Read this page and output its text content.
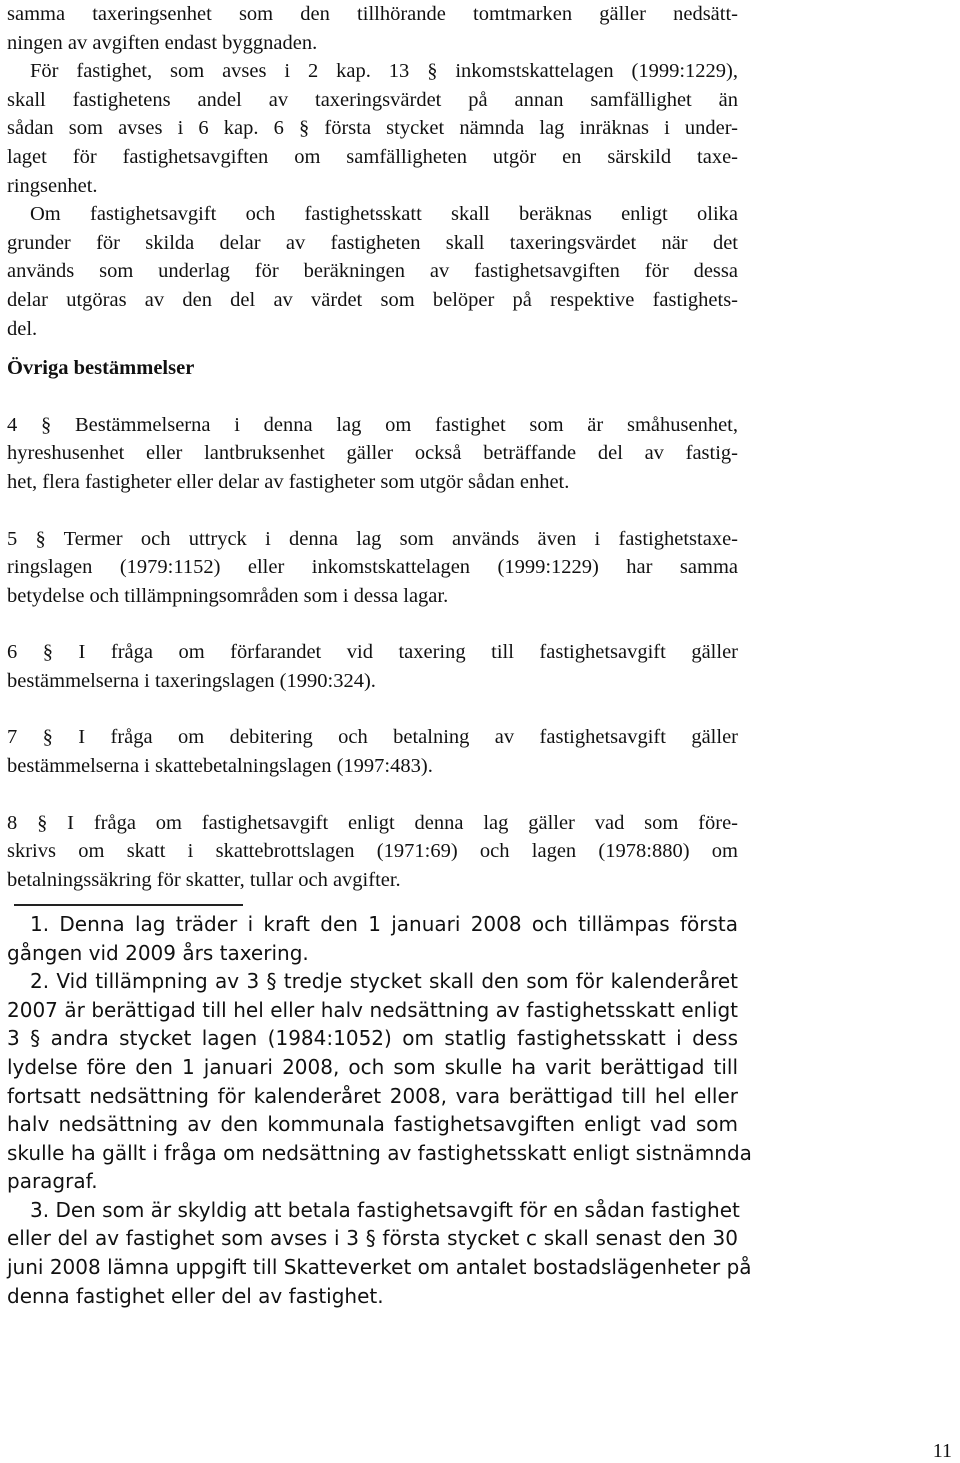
samma taxeringsenhet som den tillhörande tomtmarken gäller nedsätt-
ningen av avgiften endast byggnaden.
För fastighet, som avses i 2 kap. 13 § inkomstskattelagen (1999:1229),
skall fastighetens andel av taxeringsvärdet på annan samfällighet än
sådan som avses i 6 kap. 6 § första stycket nämnda lag inräknas i under-
laget för fastighetsavgiften om samfälligheten utgör en särskild taxe-
ringsenhet.
Om fastighetsavgift och fastighetsskatt skall beräknas enligt olika
grunder för skilda delar av fastigheten skall taxeringsvärdet när det
används som underlag för beräkningen av fastighetsavgiften för dessa
delar utgöras av den del av värdet som belöper på respektive fastighets-
del.
Övriga bestämmelser
4 § Bestämmelserna i denna lag om fastighet som är småhusenhet,
hyreshusenhet eller lantbruksenhet gäller också beträffande del av fastig-
het, flera fastigheter eller delar av fastigheter som utgör sådan enhet.
5 § Termer och uttryck i denna lag som används även i fastighetstaxe-
ringslagen (1979:1152) eller inkomstskattelagen (1999:1229) har samma
betydelse och tillämpningsområden som i dessa lagar.
6 § I fråga om förfarandet vid taxering till fastighetsavgift gäller
bestämmelserna i taxeringslagen (1990:324).
7 § I fråga om debitering och betalning av fastighetsavgift gäller
bestämmelserna i skattebetalningslagen (1997:483).
8 § I fråga om fastighetsavgift enligt denna lag gäller vad som före-
skrivs om skatt i skattebrottslagen (1971:69) och lagen (1978:880) om
betalningssäkring för skatter, tullar och avgifter.
1. Denna lag träder i kraft den 1 januari 2008 och tillämpas första
gången vid 2009 års taxering.
2. Vid tillämpning av 3 § tredje stycket skall den som för kalenderåret
2007 är berättigad till hel eller halv nedsättning av fastighetsskatt enligt
3 § andra stycket lagen (1984:1052) om statlig fastighetsskatt i dess
lydelse före den 1 januari 2008, och som skulle ha varit berättigad till
fortsatt nedsättning för kalenderåret 2008, vara berättigad till hel eller
halv nedsättning av den kommunala fastighetsavgiften enligt vad som
skulle ha gällt i fråga om nedsättning av fastighetsskatt enligt sistnämnda
paragraf.
3. Den som är skyldig att betala fastighetsavgift för en sådan fastighet
eller del av fastighet som avses i 3 § första stycket c skall senast den 30
juni 2008 lämna uppgift till Skatteverket om antalet bostadslägenheter på
denna fastighet eller del av fastighet.
11
